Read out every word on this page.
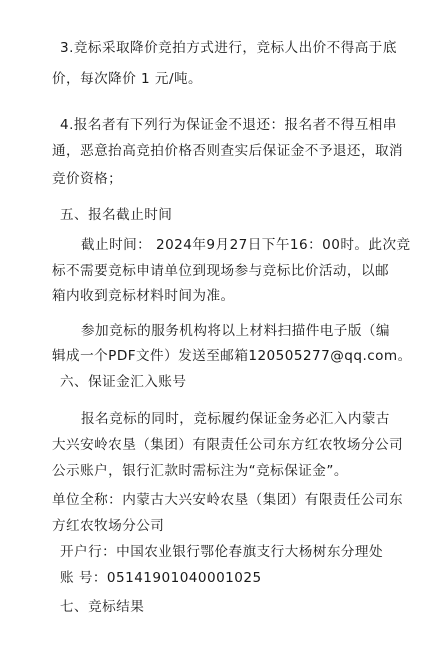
3.竞标采取降价竞拍方式进行，竞标人出价不得高于底

价，每次降价 1 元/吨。

4.报名者有下列行为保证金不退还：报名者不得互相串

通，恶意抬高竞拍价格否则查实后保证金不予退还，取消

竞价资格；

五、报名截止时间

截止时间： 2024年9月27日下午16：00时。此次竞

标不需要竞标申请单位到现场参与竞标比价活动，以邮

箱内收到竞标材料时间为准。

参加竞标的服务机构将以上材料扫描件电子版（编

辑成一个PDF文件）发送至邮箱120505277@qq.com。

六、保证金汇入账号

报名竞标的同时，竞标履约保证金务必汇入内蒙古

大兴安岭农垦（集团）有限责任公司东方红农牧场分公司

公示账户，银行汇款时需标注为“竞标保证金”。

单位全称：内蒙古大兴安岭农垦（集团）有限责任公司东

方红农牧场分公司

开户行：中国农业银行鄂伦春旗支行大杨树东分理处

账 号：05141901040001025

七、竞标结果
